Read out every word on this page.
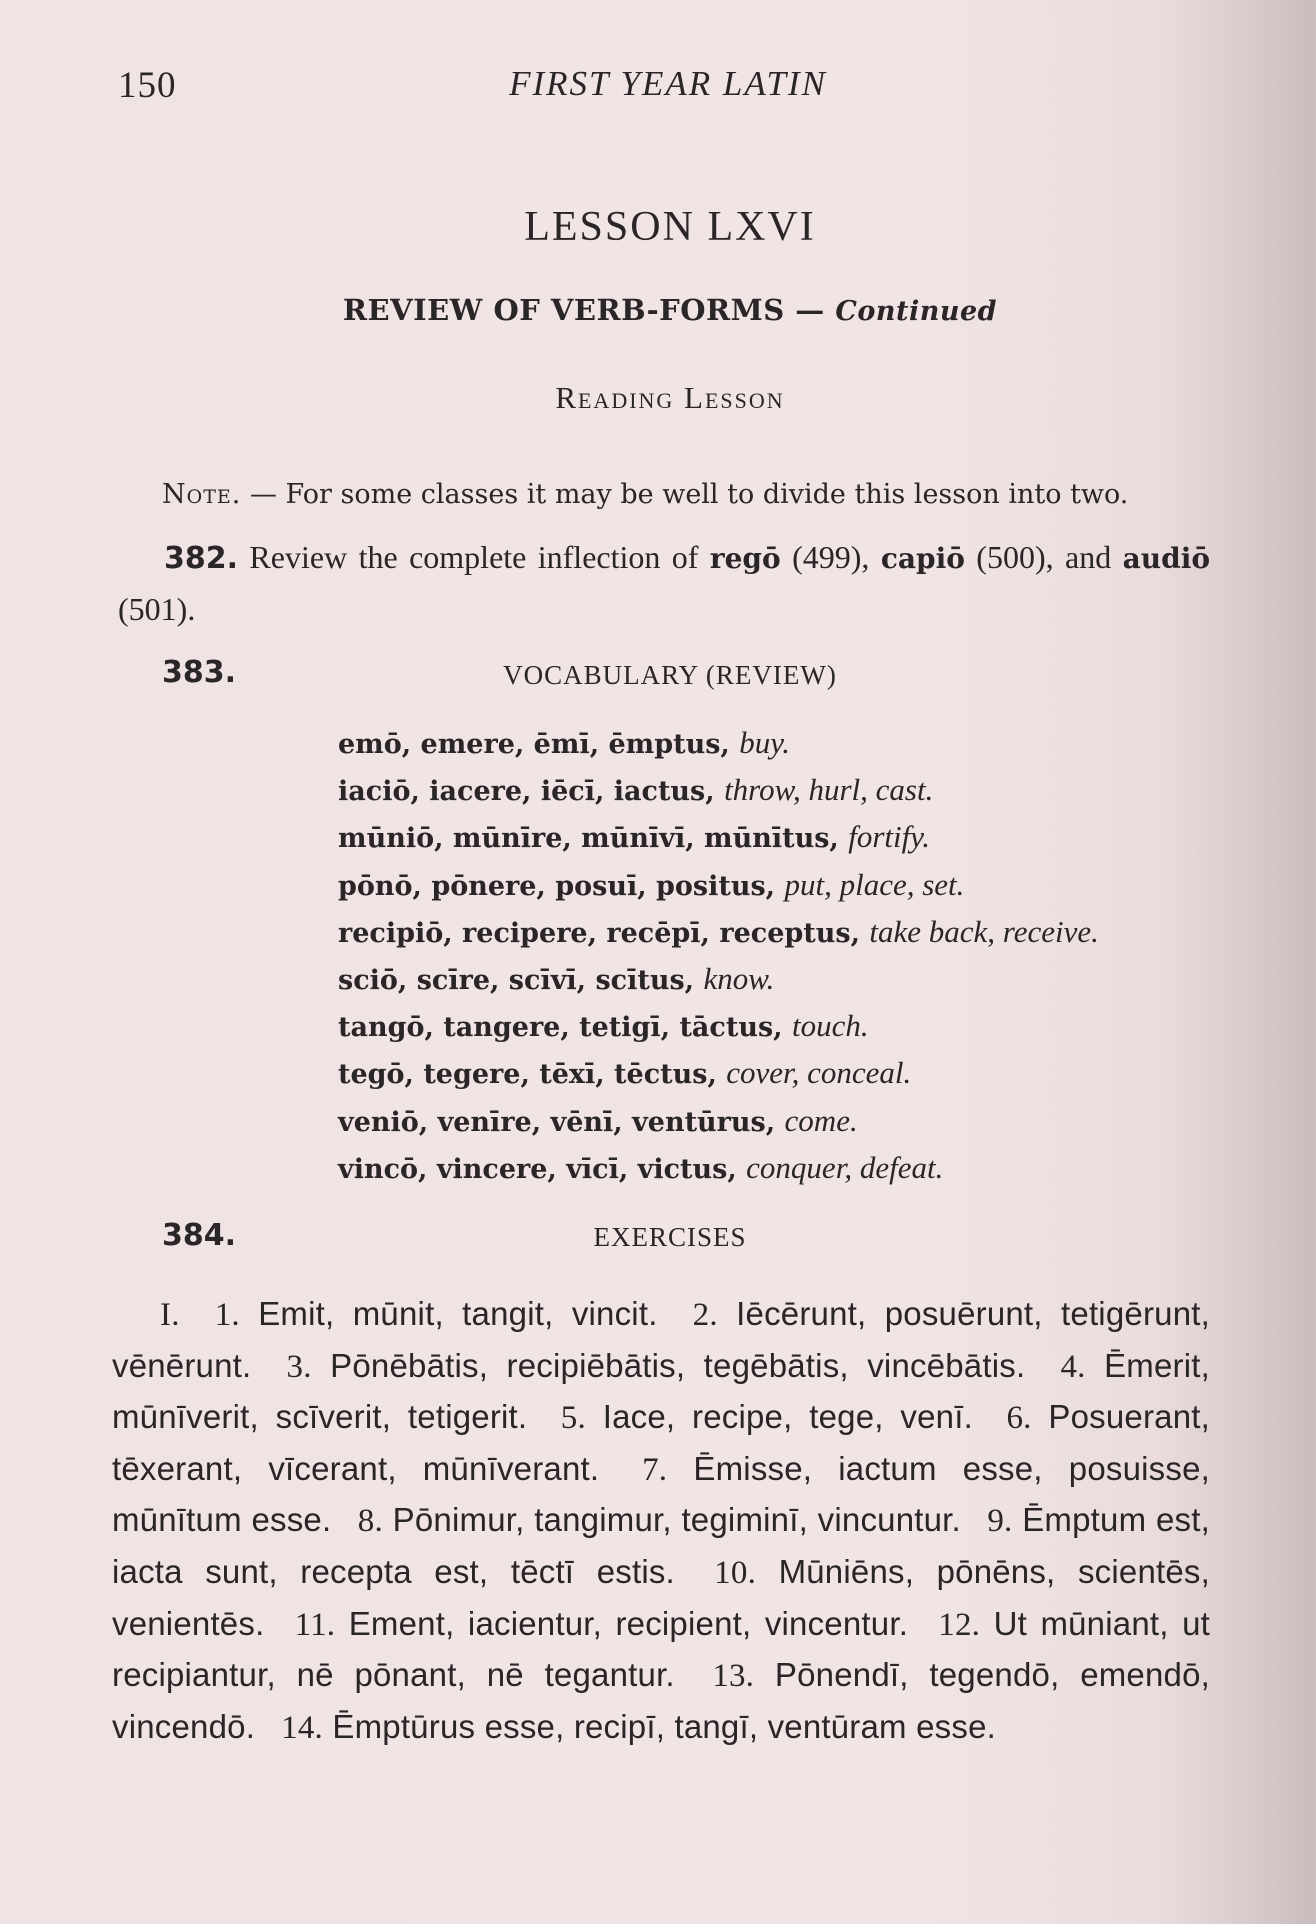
150	FIRST YEAR LATIN
LESSON LXVI
REVIEW OF VERB-FORMS — Continued
Reading Lesson
Note. — For some classes it may be well to divide this lesson into two.
382. Review the complete inflection of regō (499), capiō (500), and audiō (501).
383.	VOCABULARY (REVIEW)
emō, emere, ēmī, ēmptus, buy.
iaciō, iacere, iēcī, iactus, throw, hurl, cast.
mūniō, mūnīre, mūnīvī, mūnītus, fortify.
pōnō, pōnere, posuī, positus, put, place, set.
recipiō, recipere, recēpī, receptus, take back, receive.
sciō, scīre, scīvī, scītus, know.
tangō, tangere, tetigī, tāctus, touch.
tegō, tegere, tēxī, tēctus, cover, conceal.
veniō, venīre, vēnī, ventūrus, come.
vincō, vincere, vīcī, victus, conquer, defeat.
384.	EXERCISES
I.  1. Emit, mūnit, tangit, vincit.  2. Iēcērunt, posuērunt, tetigērunt, vēnērunt.  3. Pōnēbātis, recipiēbātis, tegēbātis, vincēbātis.  4. Ēmerit, mūnīverit, scīverit, tetigerit.  5. Iace, recipe, tege, venī.  6. Posuerant, tēxerant, vīcerant, mūnīverant.  7. Ēmisse, iactum esse, posuisse, mūnītum esse.  8. Pōnimur, tangimur, tegiminī, vincuntur.  9. Ēmptum est, iacta sunt, recepta est, tēctī estis.  10. Mūniēns, pōnēns, scientēs, venientēs.  11. Ement, iacientur, recipient, vincentur.  12. Ut mūniant, ut recipiantur, nē pōnant, nē tegantur.  13. Pōnendī, tegendō, emendō, vincendō.  14. Ēmptūrus esse, recipī, tangī, ventūram esse.
